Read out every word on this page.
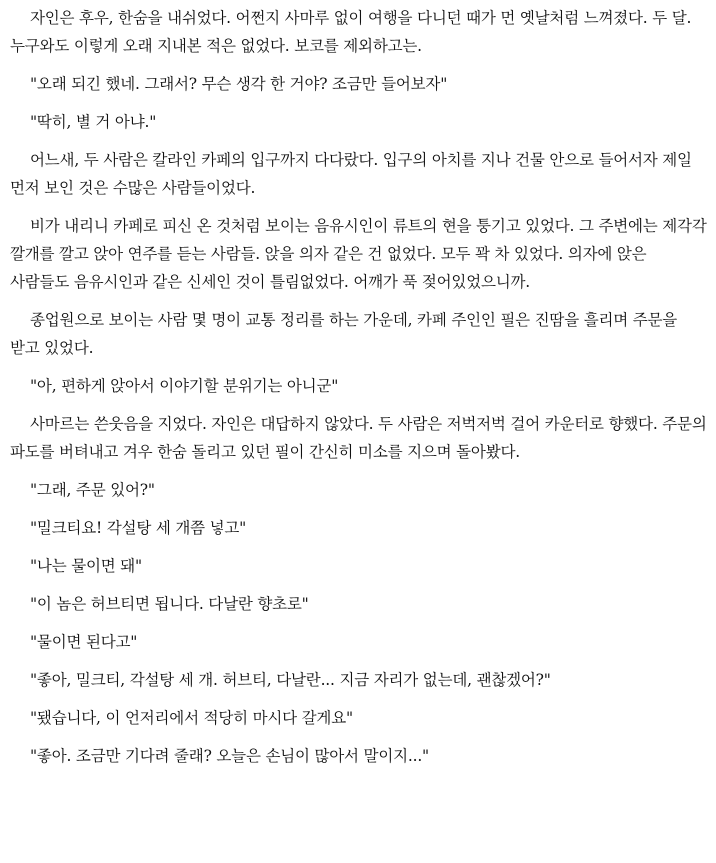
자인은 후우, 한숨을 내쉬었다. 어쩐지 사마루 없이 여행을 다니던 때가 먼 옛날처럼 느껴졌다. 두 달. 누구와도 이렇게 오래 지내본 적은 없었다. 보코를 제외하고는.

"오래 되긴 했네. 그래서? 무슨 생각 한 거야? 조금만 들어보자"

"딱히, 별 거 아냐."

어느새, 두 사람은 칼라인 카페의 입구까지 다다랐다. 입구의 아치를 지나 건물 안으로 들어서자 제일 먼저 보인 것은 수많은 사람들이었다.

비가 내리니 카페로 피신 온 것처럼 보이는 음유시인이 류트의 현을 퉁기고 있었다. 그 주변에는 제각각 깔개를 깔고 앉아 연주를 듣는 사람들. 앉을 의자 같은 건 없었다. 모두 꽉 차 있었다. 의자에 앉은 사람들도 음유시인과 같은 신세인 것이 틀림없었다. 어깨가 푹 젖어있었으니까.

종업원으로 보이는 사람 몇 명이 교통 정리를 하는 가운데, 카페 주인인 필은 진땀을 흘리며 주문을 받고 있었다.

"아, 편하게 앉아서 이야기할 분위기는 아니군"

사마르는 쓴웃음을 지었다. 자인은 대답하지 않았다. 두 사람은 저벅저벅 걸어 카운터로 향했다. 주문의 파도를 버텨내고 겨우 한숨 돌리고 있던 필이 간신히 미소를 지으며 돌아봤다.

"그래, 주문 있어?"

"밀크티요! 각설탕 세 개쯤 넣고"

"나는 물이면 돼"

"이 놈은 허브티면 됩니다. 다날란 향초로"

"물이면 된다고"

"좋아, 밀크티, 각설탕 세 개. 허브티, 다날란... 지금 자리가 없는데, 괜찮겠어?"

"됐습니다, 이 언저리에서 적당히 마시다 갈게요"

"좋아. 조금만 기다려 줄래? 오늘은 손님이 많아서 말이지..."
